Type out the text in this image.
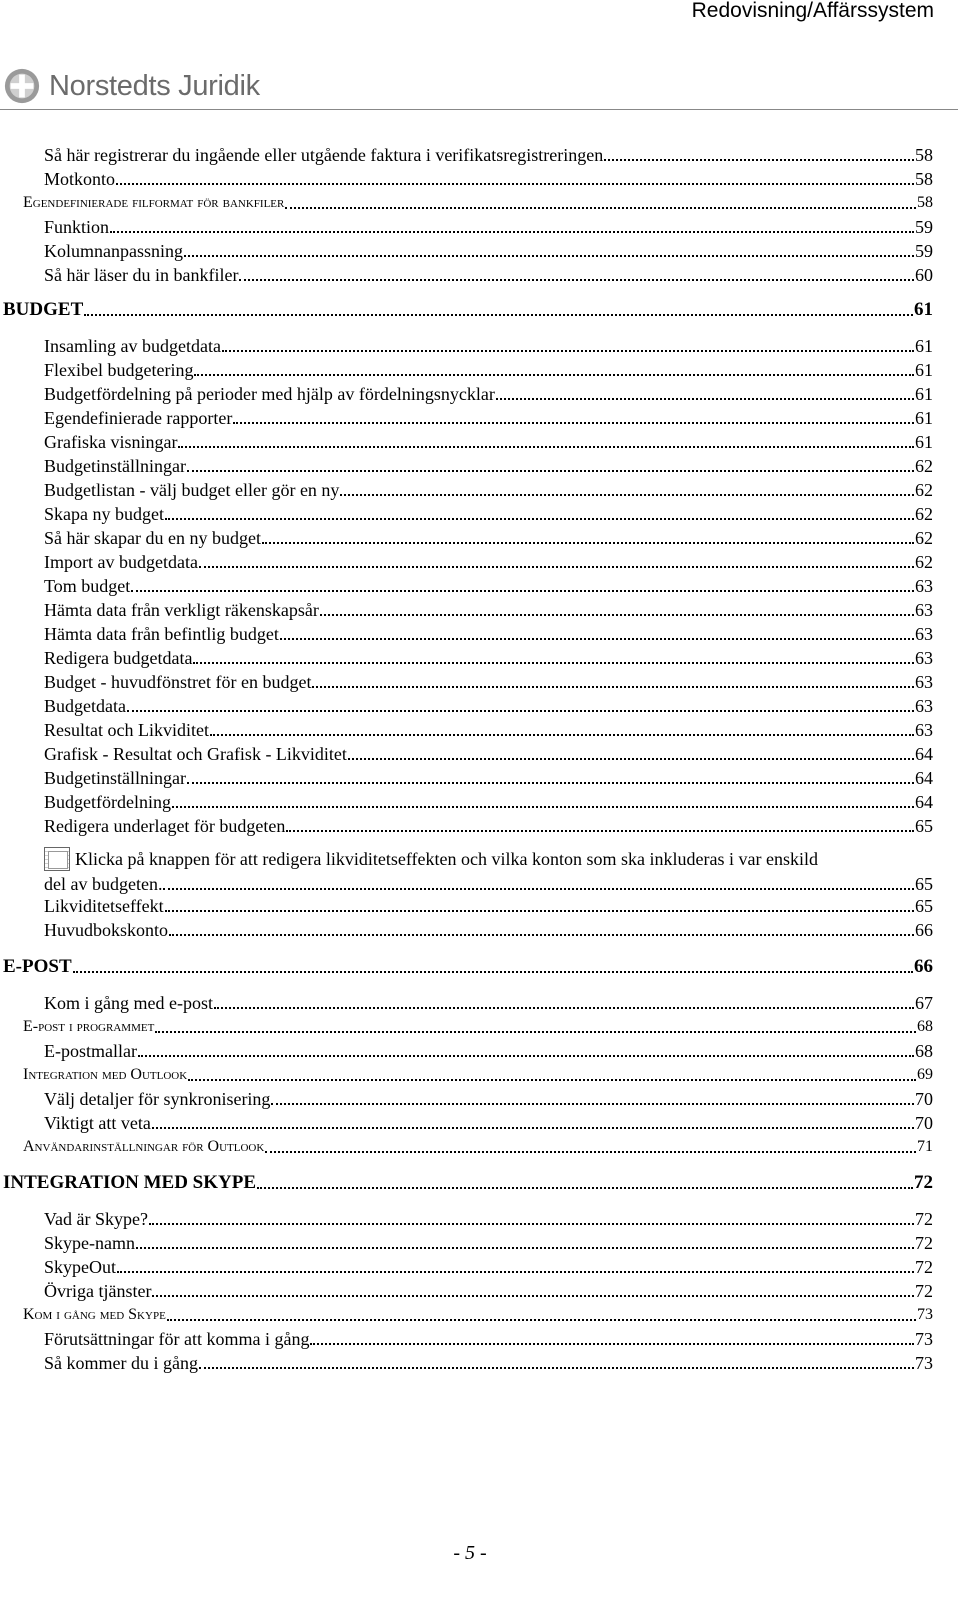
Redovisning/Affärssystem
Norstedts Juridik
Så här registrerar du ingående eller utgående faktura i verifikatsregistreringen	58
Motkonto	58
Egendefinierade filformat för bankfiler	58
Funktion	59
Kolumnanpassning	59
Så här läser du in bankfiler	60
BUDGET	61
Insamling av budgetdata	61
Flexibel budgetering	61
Budgetfördelning på perioder med hjälp av fördelningsnycklar	61
Egendefinierade rapporter	61
Grafiska visningar	61
Budgetinställningar	62
Budgetlistan - välj budget eller gör en ny	62
Skapa ny budget	62
Så här skapar du en ny budget	62
Import av budgetdata	62
Tom budget	63
Hämta data från verkligt räkenskapsår	63
Hämta data från befintlig budget	63
Redigera budgetdata	63
Budget - huvudfönstret för en budget	63
Budgetdata	63
Resultat och Likviditet	63
Grafisk - Resultat och Grafisk - Likviditet	64
Budgetinställningar	64
Budgetfördelning	64
Redigera underlaget för budgeten	65
Klicka på knappen för att redigera likviditetseffekten och vilka konton som ska inkluderas i var enskild
del av budgeten.	65
Likviditetseffekt	65
Huvudbokskonto	66
E-POST	66
Kom i gång med e-post	67
E-post i programmet	68
E-postmallar	68
Integration med Outlook	69
Välj detaljer för synkronisering	70
Viktigt att veta	70
Användarinställningar för Outlook	71
INTEGRATION MED SKYPE	72
Vad är Skype?	72
Skype-namn	72
SkypeOut	72
Övriga tjänster	72
Kom i gång med Skype	73
Förutsättningar för att komma i gång	73
Så kommer du i gång	73
- 5 -
